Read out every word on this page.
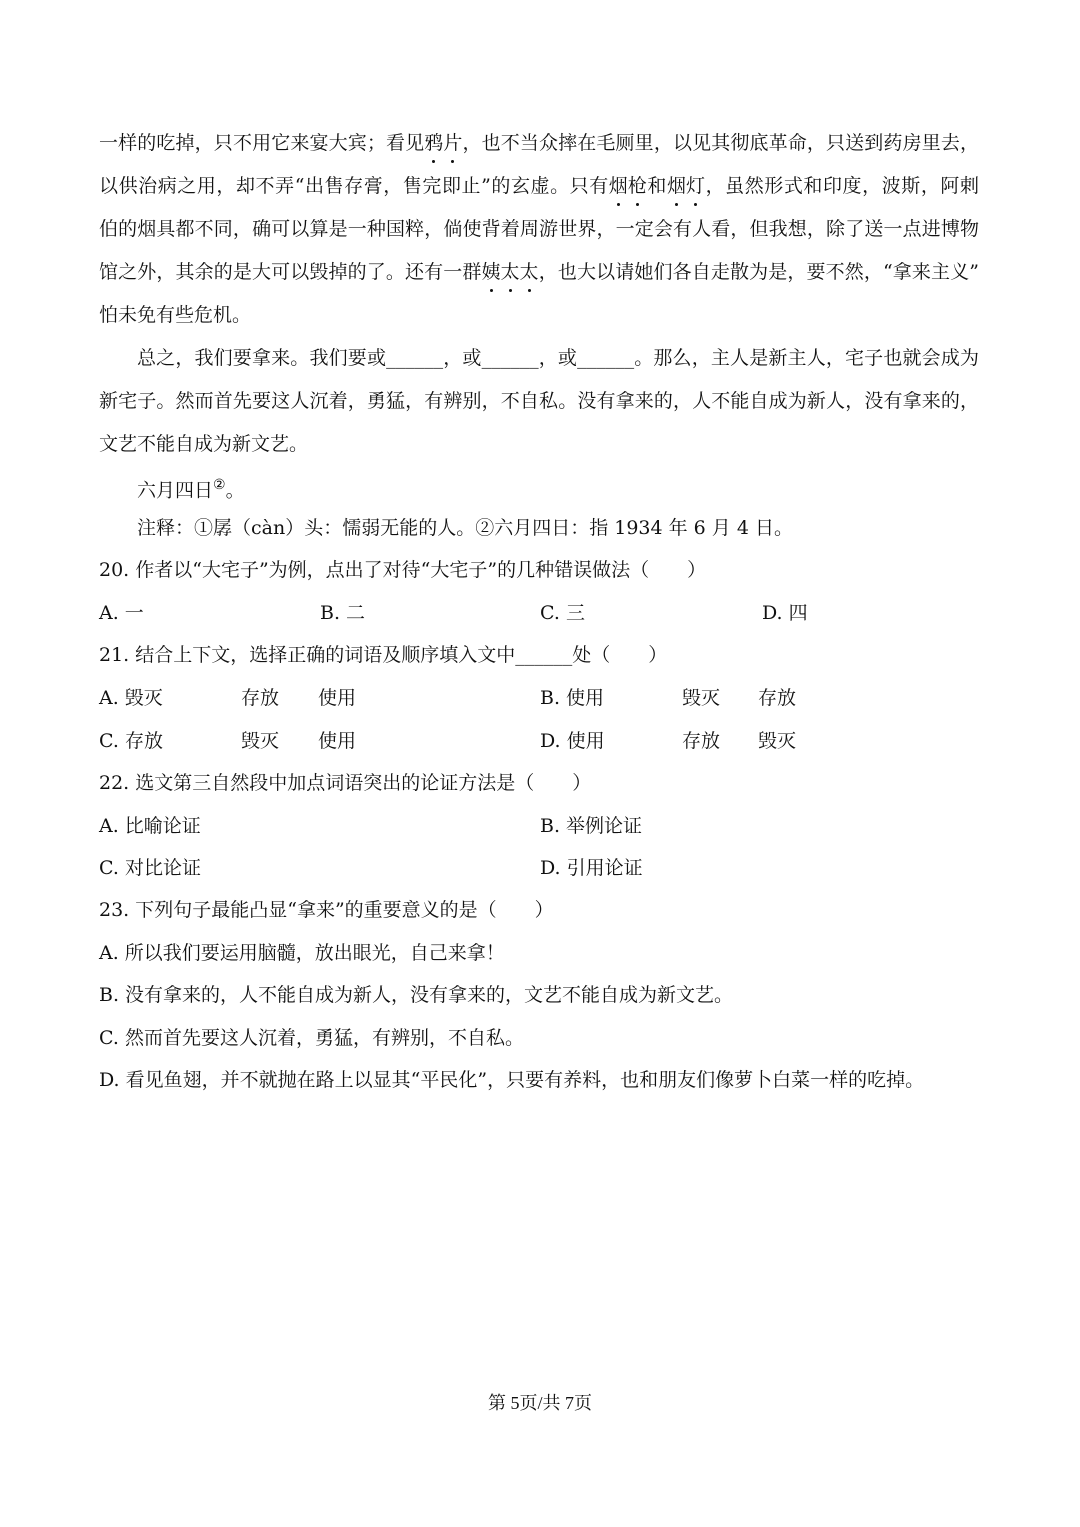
一样的吃掉，只不用它来宴大宾；看见鸦片，也不当众摔在毛厕里，以见其彻底革命，只送到药房里去，
以供治病之用，却不弄“出售存膏，售完即止”的玄虚。只有烟枪和烟灯，虽然形式和印度，波斯，阿剌
伯的烟具都不同，确可以算是一种国粹，倘使背着周游世界，一定会有人看，但我想，除了送一点进博物
馆之外，其余的是大可以毁掉的了。还有一群姨太太，也大以请她们各自走散为是，要不然，“拿来主义”
怕未免有些危机。
总之，我们要拿来。我们要或______，或______，或______。那么，主人是新主人，宅子也就会成为
新宅子。然而首先要这人沉着，勇猛，有辨别，不自私。没有拿来的，人不能自成为新人，没有拿来的，
文艺不能自成为新文艺。
六月四日②。
注释：①孱（càn）头：懦弱无能的人。②六月四日：指 1934 年 6 月 4 日。
20. 作者以“大宅子”为例，点出了对待“大宅子”的几种错误做法（　　）
A. 一	B. 二	C. 三	D. 四
21. 结合上下文，选择正确的词语及顺序填入文中______处（　　）
A. 毁灭	存放 使用	B. 使用	毁灭 存放
C. 存放	毁灭 使用	D. 使用	存放 毁灭
22. 选文第三自然段中加点词语突出的论证方法是（　　）
A. 比喻论证	B. 举例论证
C. 对比论证	D. 引用论证
23. 下列句子最能凸显“拿来”的重要意义的是（　　）
A. 所以我们要运用脑髓，放出眼光，自己来拿！
B. 没有拿来的，人不能自成为新人，没有拿来的，文艺不能自成为新文艺。
C. 然而首先要这人沉着，勇猛，有辨别，不自私。
D. 看见鱼翅，并不就抛在路上以显其“平民化”，只要有养料，也和朋友们像萝卜白菜一样的吃掉。
第 5页/共 7页
